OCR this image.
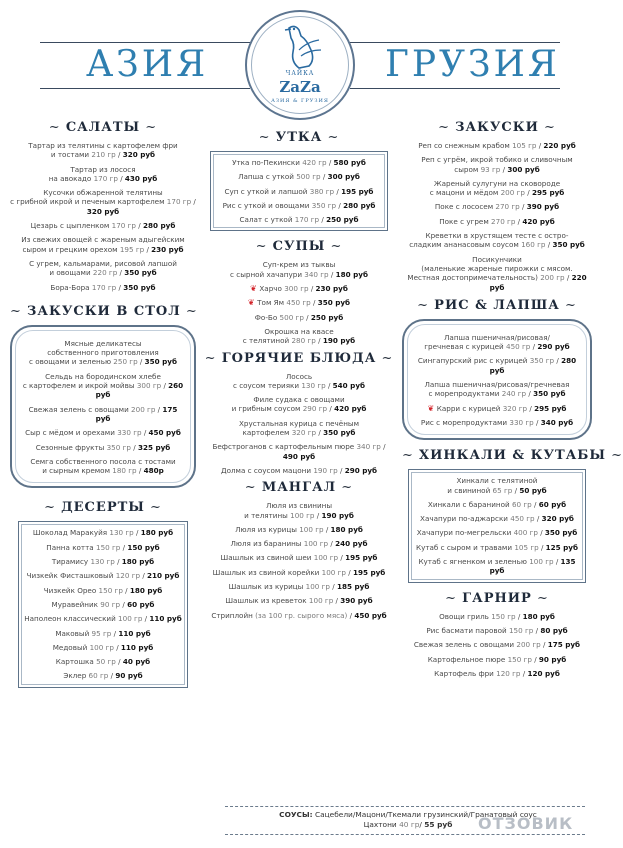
АЗИЯ	ГРУЗИЯ
ЧАЙКА
ZaZa
АЗИЯ & ГРУЗИЯ
~ САЛАТЫ ~
Тартар из телятины с картофелем фри
и тостами 210 гр / 320 руб
Тартар из лосося
на авокадо 170 гр / 430 руб
Кусочки обжаренной телятины
с грибной икрой и печеным картофелем 170 гр / 320 руб
Цезарь с цыпленком 170 гр / 280 руб
Из свежих овощей с жареным адыгейским
сыром и грецким орехом 195 гр / 230 руб
С угрем, кальмарами, рисовой лапшой
и овощами 220 гр / 350 руб
Бора-Бора 170 гр / 350 руб
~ ЗАКУСКИ В СТОЛ ~
Мясные деликатесы
собственного приготовления
с овощами и зеленью 250 гр / 350 руб
Сельдь на бородинском хлебе
с картофелем и икрой мойвы 300 гр / 260 руб
Свежая зелень с овощами 200 гр / 175 руб
Сыр с мёдом и орехами 330 гр / 450 руб
Сезонные фрукты 350 гр / 325 руб
Семга собственного посола с тостами
и сырным кремом 180 гр / 480р
~ ДЕСЕРТЫ ~
Шоколад Маракуйя 130 гр / 180 руб
Панна котта 150 гр / 150 руб
Тирамису 130 гр / 180 руб
Чизкейк Фисташковый 120 гр / 210 руб
Чизкейк Орео 150 гр / 180 руб
Муравейник 90 гр / 60 руб
Наполеон классический 100 гр / 110 руб
Маковый 95 гр / 110 руб
Медовый 100 гр / 110 руб
Картошка 50 гр / 40 руб
Эклер 60 гр / 90 руб
~ УТКА ~
Утка по-Пекински 420 гр / 580 руб
Лапша с уткой 500 гр / 300 руб
Суп с уткой и лапшой 380 гр / 195 руб
Рис с уткой и овощами 350 гр / 280 руб
Салат с уткой 170 гр / 250 руб
~ СУПЫ ~
Суп-крем из тыквы
с сырной хачапури 340 гр / 180 руб
❦ Харчо 300 гр / 230 руб
❦ Том Ям 450 гр / 350 руб
Фо-Бо 500 гр / 250 руб
Окрошка на квасе
с телятиной 280 гр / 190 руб
~ ГОРЯЧИЕ БЛЮДА ~
Лосось
с соусом терияки 130 гр / 540 руб
Филе судака с овощами
и грибным соусом 290 гр / 420 руб
Хрустальная курица с печёным
картофелем 320 гр / 350 руб
Бефстроганов с картофельным пюре 340 гр / 490 руб
Долма с соусом мацони 190 гр / 290 руб
~ МАНГАЛ ~
Люля из свинины
и телятины 100 гр / 190 руб
Люля из курицы 100 гр / 180 руб
Люля из баранины 100 гр / 240 руб
Шашлык из свиной шеи 100 гр / 195 руб
Шашлык из свиной корейки 100 гр / 195 руб
Шашлык из курицы 100 гр / 185 руб
Шашлык из креветок 100 гр / 390 руб
Стриплойн (за 100 гр. сырого мяса) / 450 руб
~ ЗАКУСКИ ~
Реп со снежным крабом 105 гр / 220 руб
Реп с угрём, икрой тобико и сливочным
сыром 93 гр / 300 руб
Жареный сулугуни на сковороде
с мацони и мёдом 200 гр / 295 руб
Поке с лососем 270 гр / 390 руб
Поке с угрем 270 гр / 420 руб
Креветки в хрустящем тесте с остро-
сладким ананасовым соусом 160 гр / 350 руб
Посикунчики
(маленькие жареные пирожки с мясом.
Местная достопримечательность) 200 гр / 220 руб
~ РИС & ЛАПША ~
Лапша пшеничная/рисовая/
гречневая с курицей 450 гр / 290 руб
Сингапурский рис с курицей 350 гр / 280 руб
Лапша пшеничная/рисовая/гречневая
с морепродуктами 240 гр / 350 руб
❦ Карри с курицей 320 гр / 295 руб
Рис с морепродуктами 330 гр / 340 руб
~ ХИНКАЛИ & КУТАБЫ ~
Хинкали с телятиной
и свининой 65 гр / 50 руб
Хинкали с бараниной 60 гр / 60 руб
Хачапури по-аджарски 450 гр / 320 руб
Хачапури по-мегрельски 400 гр / 350 руб
Кутаб с сыром и травами 105 гр / 125 руб
Кутаб с ягненком и зеленью 100 гр / 135 руб
~ ГАРНИР ~
Овощи гриль 150 гр / 180 руб
Рис басмати паровой 150 гр / 80 руб
Свежая зелень с овощами 200 гр / 175 руб
Картофельное пюре 150 гр / 90 руб
Картофель фри 120 гр / 120 руб
СОУСЫ: Сацебели/Мацони/Ткемали грузинский/Гранатовый соус
Цахтони 40 гр/ 55 руб	ОТЗОВИК
